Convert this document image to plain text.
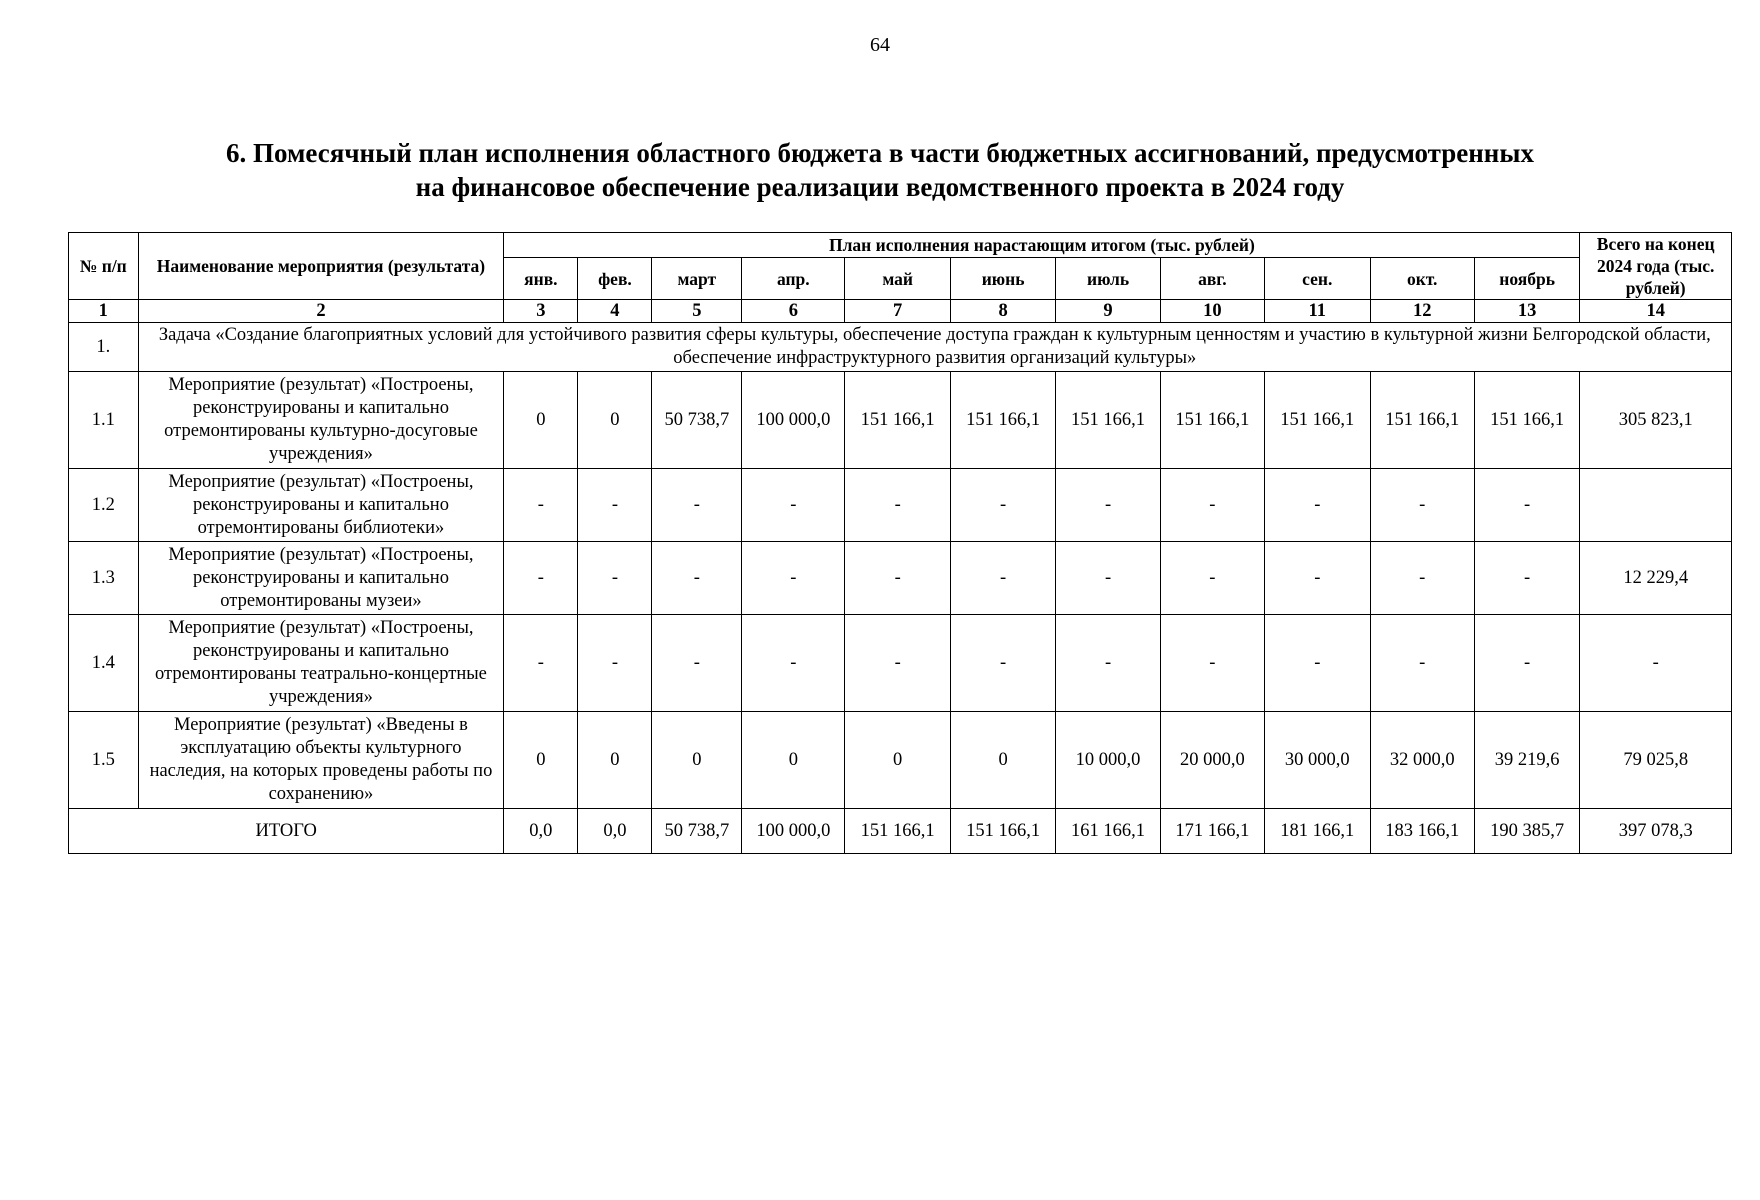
64
6. Помесячный план исполнения областного бюджета в части бюджетных ассигнований, предусмотренных
на финансовое обеспечение реализации ведомственного проекта в 2024 году
№ п/п	Наименование мероприятия (результата)	План исполнения нарастающим итогом (тыс. рублей)											Всего на конец 2024 года (тыс. рублей)
		янв.	фев.	март	апр.	май	июнь	июль	авг.	сен.	окт.	ноябрь	
1	2	3	4	5	6	7	8	9	10	11	12	13	14
1.	Задача «Создание благоприятных условий для устойчивого развития сферы культуры, обеспечение доступа граждан к культурным ценностям и участию в культурной жизни Белгородской области, обеспечение инфраструктурного развития организаций культуры»												
1.1	Мероприятие (результат) «Построены, реконструированы и капитально отремонтированы культурно-досуговые учреждения»	0	0	50 738,7	100 000,0	151 166,1	151 166,1	151 166,1	151 166,1	151 166,1	151 166,1	151 166,1	305 823,1
1.2	Мероприятие (результат) «Построены, реконструированы и капитально отремонтированы библиотеки»	-	-	-	-	-	-	-	-	-	-	-	
1.3	Мероприятие (результат) «Построены, реконструированы и капитально отремонтированы музеи»	-	-	-	-	-	-	-	-	-	-	-	12 229,4
1.4	Мероприятие (результат) «Построены, реконструированы и капитально отремонтированы театрально-концертные учреждения»	-	-	-	-	-	-	-	-	-	-	-	-
1.5	Мероприятие (результат) «Введены в эксплуатацию объекты культурного наследия, на которых проведены работы по сохранению»	0	0	0	0	0	0	10 000,0	20 000,0	30 000,0	32 000,0	39 219,6	79 025,8
ИТОГО		0,0	0,0	50 738,7	100 000,0	151 166,1	151 166,1	161 166,1	171 166,1	181 166,1	183 166,1	190 385,7	397 078,3
